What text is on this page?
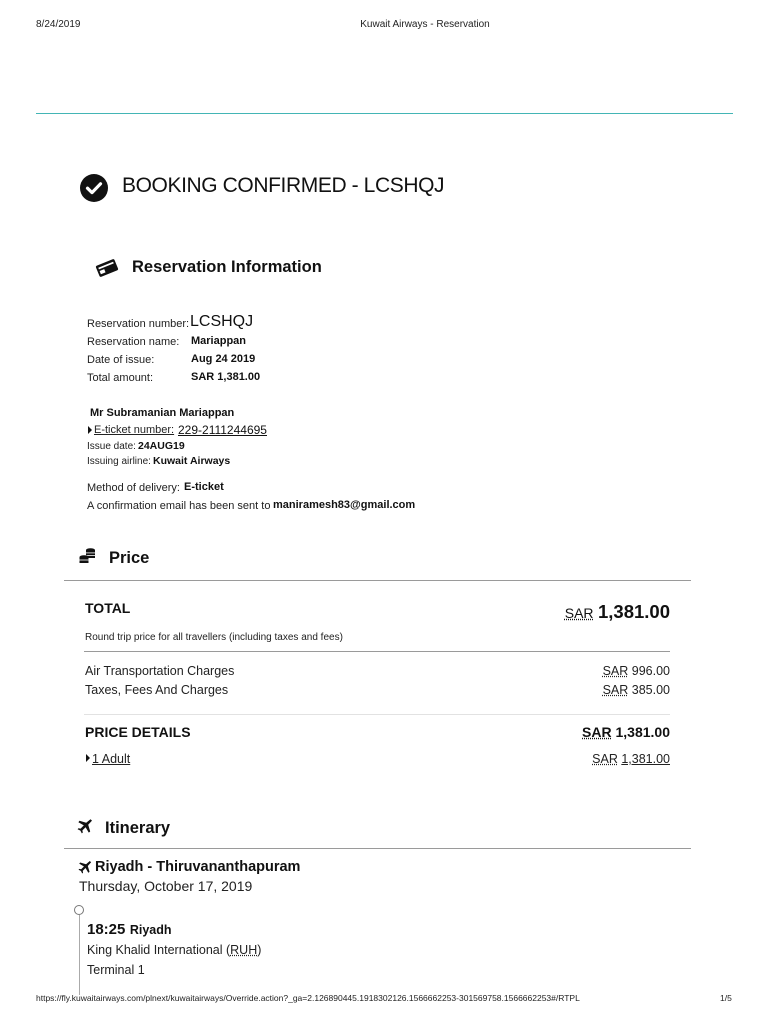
8/24/2019	Kuwait Airways - Reservation
BOOKING CONFIRMED - LCSHQJ
Reservation Information
Reservation number: LCSHQJ
Reservation name: Mariappan
Date of issue:	Aug 24 2019
Total amount:	SAR 1,381.00
Mr Subramanian Mariappan
E-ticket number: 229-2111244695
Issue date: 24AUG19
Issuing airline: Kuwait Airways
Method of delivery: E-ticket
A confirmation email has been sent to maniramesh83@gmail.com
Price
TOTAL	SAR 1,381.00
Round trip price for all travellers (including taxes and fees)
Air Transportation Charges	SAR 996.00
Taxes, Fees And Charges	SAR 385.00
PRICE DETAILS	SAR 1,381.00
1 Adult	SAR 1,381.00
Itinerary
Riyadh - Thiruvananthapuram
Thursday, October 17, 2019
18:25 Riyadh
King Khalid International (RUH)
Terminal 1
https://fly.kuwaitairways.com/plnext/kuwaitairways/Override.action?_ga=2.126890445.1918302126.1566662253-301569758.1566662253#/RTPL	1/5
